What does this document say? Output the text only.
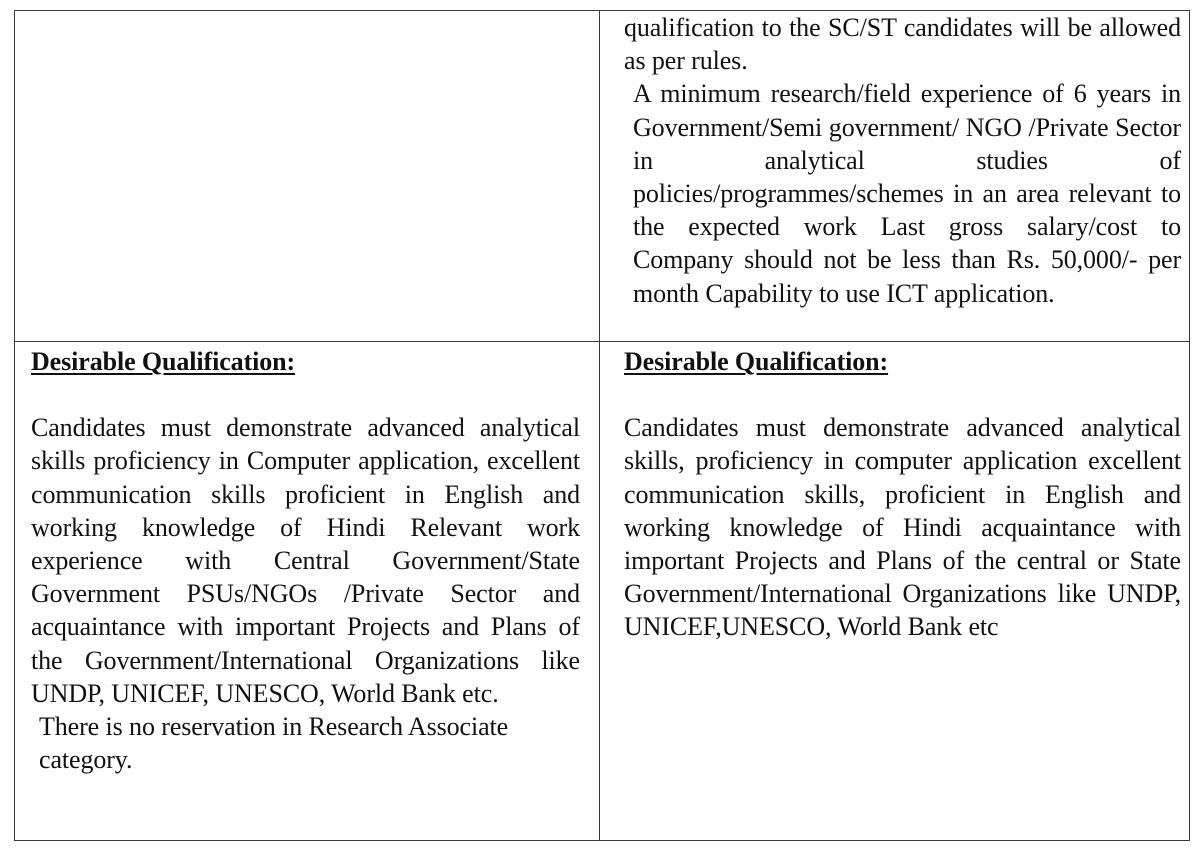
qualification to the SC/ST candidates will be allowed as per rules.

A minimum research/field experience of 6 years in Government/Semi government/ NGO /Private Sector in analytical studies of policies/programmes/schemes in an area relevant to the expected work Last gross salary/cost to Company should not be less than Rs. 50,000/- per month Capability to use ICT application.

Desirable Qualification:

Candidates must demonstrate advanced analytical skills proficiency in Computer application, excellent communication skills proficient in English and working knowledge of Hindi Relevant work experience with Central Government/State Government PSUs/NGOs /Private Sector and acquaintance with important Projects and Plans of the Government/International Organizations like UNDP, UNICEF, UNESCO, World Bank etc.

There is no reservation in Research Associate category.

Desirable Qualification:

Candidates must demonstrate advanced analytical skills, proficiency in computer application excellent communication skills, proficient in English and working knowledge of Hindi acquaintance with important Projects and Plans of the central or State Government/International Organizations like UNDP, UNICEF,UNESCO, World Bank etc
